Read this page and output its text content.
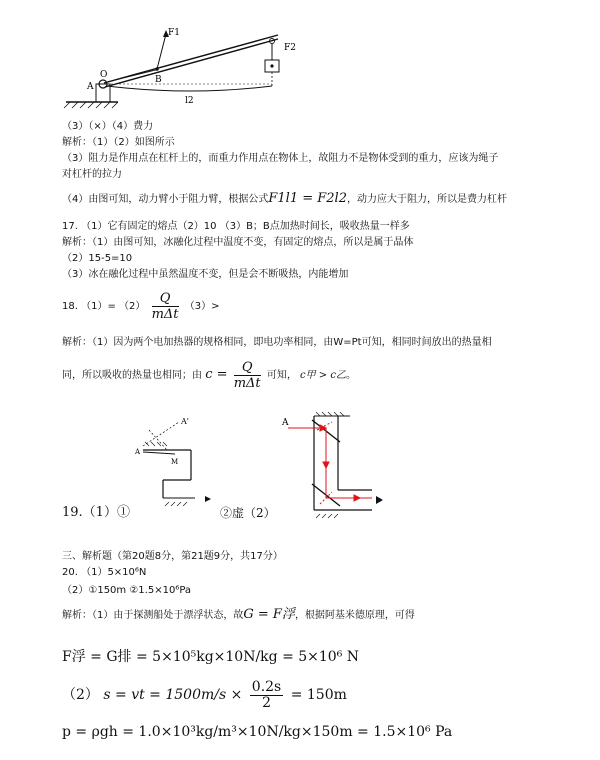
F1
O
A
B
l2
F2
（3）（×）（4）费力
解析：（1）（2）如图所示
（3）阻力是作用点在杠杆上的，而重力作用点在物体上，故阻力不是物体受到的重力，应该为绳子
对杠杆的拉力
（4）由图可知，动力臂小于阻力臂，根据公式F1l1 = F2l2，动力应大于阻力，所以是费力杠杆
17. （1）它有固定的熔点（2）10 （3）B；B点加热时间长，吸收热量一样多
解析：（1）由图可知，冰融化过程中温度不变，有固定的熔点，所以是属于晶体
（2）15-5=10
（3）冰在融化过程中虽然温度不变，但是会不断吸热，内能增加
18. $(1)= (2) \frac{Q}{\text{mΔt}} (3)>$
解析：（1）因为两个电加热器的规格相同，即电功率相同，由W=Pt可知，相同时间放出的热量相
同，所以吸收的热量也相同；由 $c = \frac{Q}{\text{mΔt}}$ 可知， c甲 > c乙。
A'
A
M
A
19.（1）①	②虚（2）
三、解析题（第20题8分，第21题9分，共17分）
20. （1）5×10⁶N
（2）①150m ②1.5×10⁶Pa
解析：（1）由于探测船处于漂浮状态，故G = F浮，根据阿基米德原理，可得
F浮 = G排 = 5×10⁵kg×10N/kg = 5×10⁶ N
（2） s = vt = $1500m/s \times \frac{0.2s}{2} = 150m$
p = ρgh = 1.0×10³kg/m³×10N/kg×150m = 1.5×10⁶ Pa
